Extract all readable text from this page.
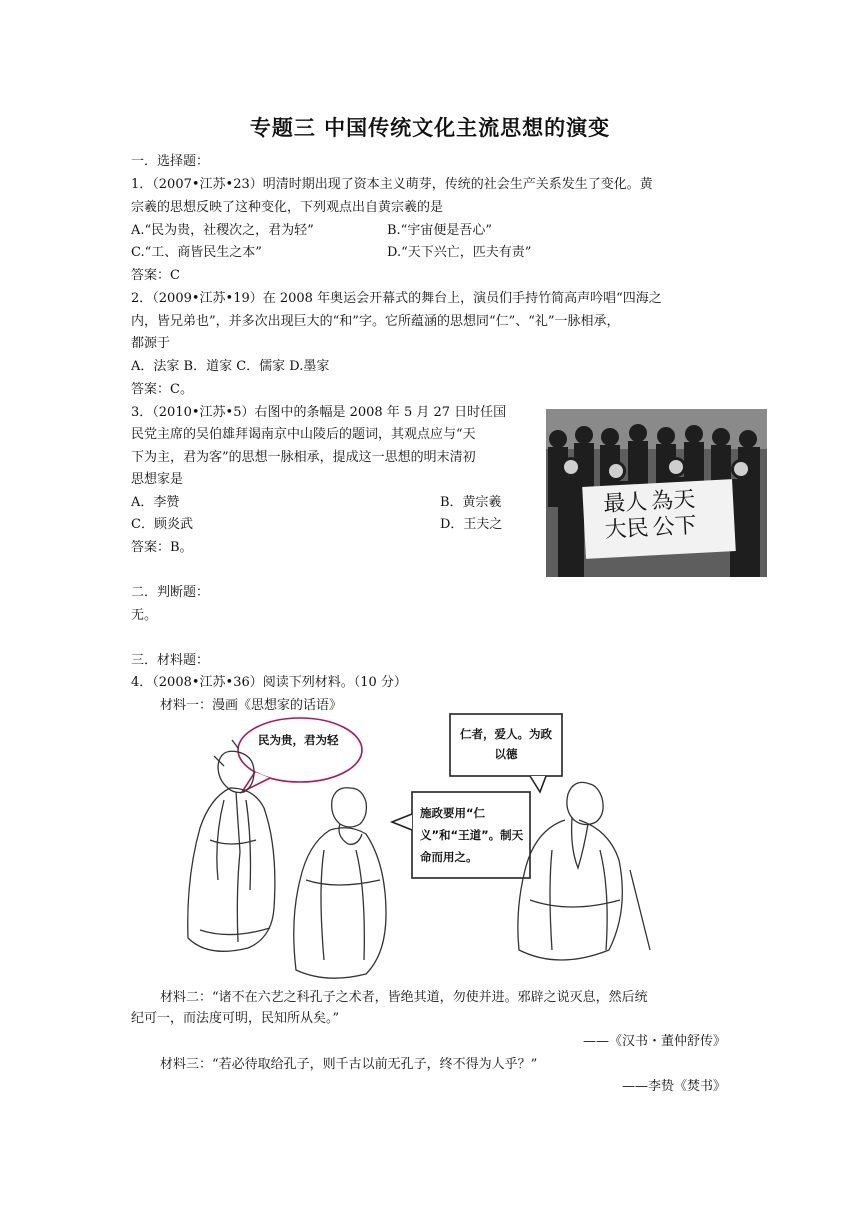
专题三 中国传统文化主流思想的演变
一．选择题：
1．（2007•江苏•23）明清时期出现了资本主义萌芽，传统的社会生产关系发生了变化。黄
宗羲的思想反映了这种变化，下列观点出自黄宗羲的是
A.“民为贵，社稷次之，君为轻”	B.“宇宙便是吾心”
C.“工、商皆民生之本”	D.“天下兴亡，匹夫有责”
答案：C
2．（2009•江苏•19）在 2008 年奥运会开幕式的舞台上，演员们手持竹简高声吟唱“四海之
内，皆兄弟也”，并多次出现巨大的“和”字。它所蕴涵的思想同“仁”、“礼”一脉相承，
都源于
A．法家 B．道家 C．儒家 D.墨家
答案：C。
3．（2010•江苏•5）右图中的条幅是 2008 年 5 月 27 日时任国
民党主席的吴伯雄拜谒南京中山陵后的题词，其观点应与“天
下为主，君为客”的思想一脉相承，提成这一思想的明末清初
思想家是
A．李赞	B．黄宗羲
C．顾炎武	D．王夫之
答案：B。
最人 為天
大民 公下
二．判断题：
无。
三．材料题：
4．（2008•江苏•36）阅读下列材料。（10 分）
材料一：漫画《思想家的话语》
民为贵，君为轻	仁者，爱人。为政以德
施政要用“仁义”和“王道”。制天命而用之。
材料二：“诸不在六艺之科孔子之术者，皆绝其道，勿使并进。邪辟之说灭息，然后统
纪可一，而法度可明，民知所从矣。”
——《汉书・董仲舒传》
材料三：“若必待取给孔子，则千古以前无孔子，终不得为人乎？”
——李贽《焚书》
